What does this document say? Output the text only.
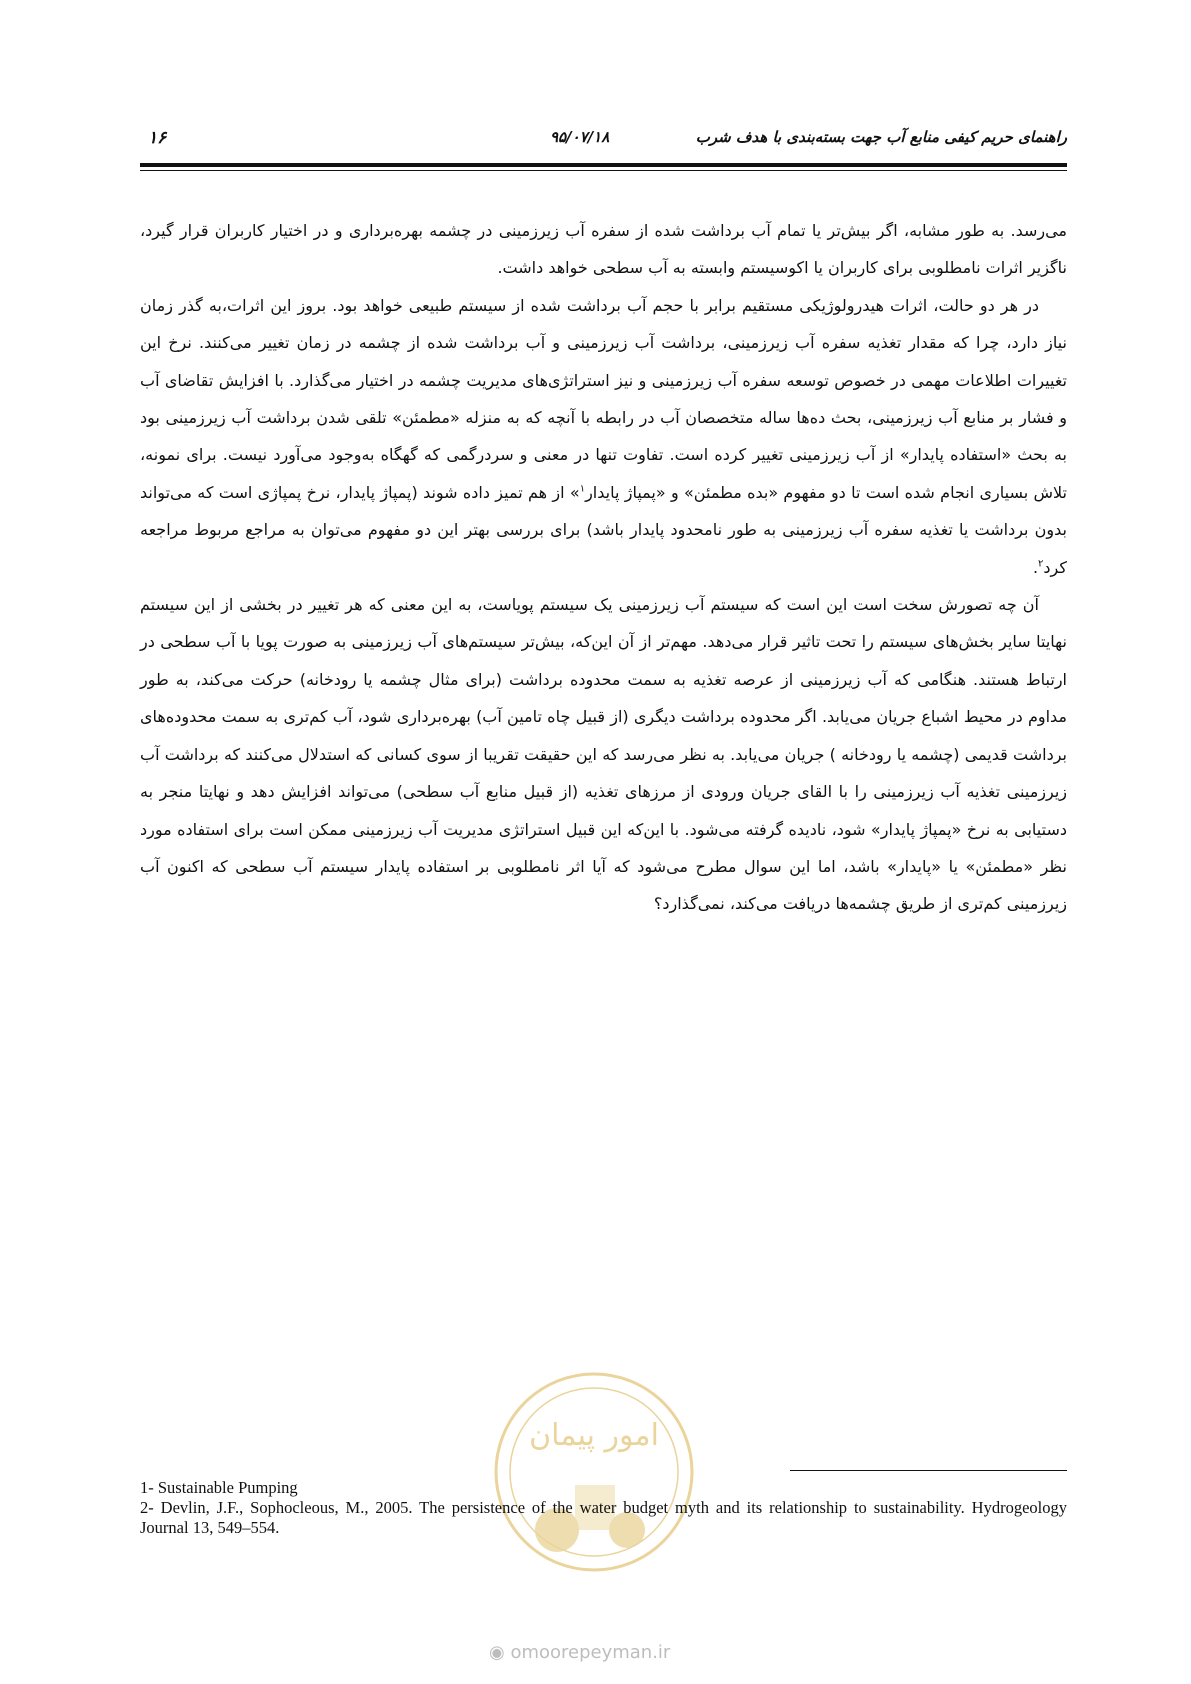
۱۶	۹۵/۰۷/۱۸	راهنمای حریم کیفی منابع آب جهت بسته‌بندی با هدف شرب

می‌رسد. به طور مشابه، اگر بیش‌تر یا تمام آب برداشت شده از سفره آب زیرزمینی در چشمه بهره‌برداری و در اختیار کاربران قرار گیرد، ناگزیر اثرات نامطلوبی برای کاربران یا اکوسیستم وابسته به آب سطحی خواهد داشت.

در هر دو حالت، اثرات هیدرولوژیکی مستقیم برابر با حجم آب برداشت شده از سیستم طبیعی خواهد بود. بروز این اثرات،به گذر زمان نیاز دارد، چرا که مقدار تغذیه سفره آب زیرزمینی، برداشت آب زیرزمینی و آب برداشت شده از چشمه در زمان تغییر می‌کنند. نرخ این تغییرات اطلاعات مهمی در خصوص توسعه سفره آب زیرزمینی و نیز استراتژی‌های مدیریت چشمه در اختیار می‌گذارد. با افزایش تقاضای آب و فشار بر منابع آب زیرزمینی، بحث ده‌ها ساله متخصصان آب در رابطه با آنچه که به منزله «مطمئن» تلقی شدن برداشت آب زیرزمینی بود به بحث «استفاده پایدار» از آب زیرزمینی تغییر کرده است. تفاوت تنها در معنی و سردرگمی که گهگاه به‌وجود می‌آورد نیست. برای نمونه، تلاش بسیاری انجام شده است تا دو مفهوم «بده مطمئن» و «پمپاژ پایدار$^۱$» از هم تمیز داده شوند (پمپاژ پایدار، نرخ پمپاژی است که می‌تواند بدون برداشت یا تغذیه سفره آب زیرزمینی به طور نامحدود پایدار باشد) برای بررسی بهتر این دو مفهوم می‌توان به مراجع مربوط مراجعه کرد$^۲$.

آن چه تصورش سخت است این است که سیستم آب زیرزمینی یک سیستم پویاست، به این معنی که هر تغییر در بخشی از این سیستم نهایتا سایر بخش‌های سیستم را تحت تاثیر قرار می‌دهد. مهم‌تر از آن این‌که، بیش‌تر سیستم‌های آب زیرزمینی به صورت پویا با آب سطحی در ارتباط هستند. هنگامی که آب زیرزمینی از عرصه تغذیه به سمت محدوده برداشت (برای مثال چشمه یا رودخانه) حرکت می‌کند، به طور مداوم در محیط اشباع جریان می‌یابد. اگر محدوده برداشت دیگری (از قبیل چاه تامین آب) بهره‌برداری شود، آب کم‌تری به سمت محدوده‌های برداشت قدیمی (چشمه یا رودخانه ) جریان می‌یابد. به نظر می‌رسد که این حقیقت تقریبا از سوی کسانی که استدلال می‌کنند که برداشت آب زیرزمینی تغذیه آب زیرزمینی را با القای جریان ورودی از مرزهای تغذیه (از قبیل منابع آب سطحی) می‌تواند افزایش دهد و نهایتا منجر به دستیابی به نرخ «پمپاژ پایدار» شود، نادیده گرفته می‌شود. با این‌که این قبیل استراتژی مدیریت آب زیرزمینی ممکن است برای استفاده مورد نظر «مطمئن» یا «پایدار» باشد، اما این سوال مطرح می‌شود که آیا اثر نامطلوبی بر استفاده پایدار سیستم آب سطحی که اکنون آب زیرزمینی کم‌تری از طریق چشمه‌ها دریافت می‌کند، نمی‌گذارد؟

امور پیمان
◉ omoorepeyman.ir

1- Sustainable Pumping

2- Devlin, J.F., Sophocleous, M., 2005. The persistence of the water budget myth and its relationship to sustainability. Hydrogeology Journal 13, 549–554.
